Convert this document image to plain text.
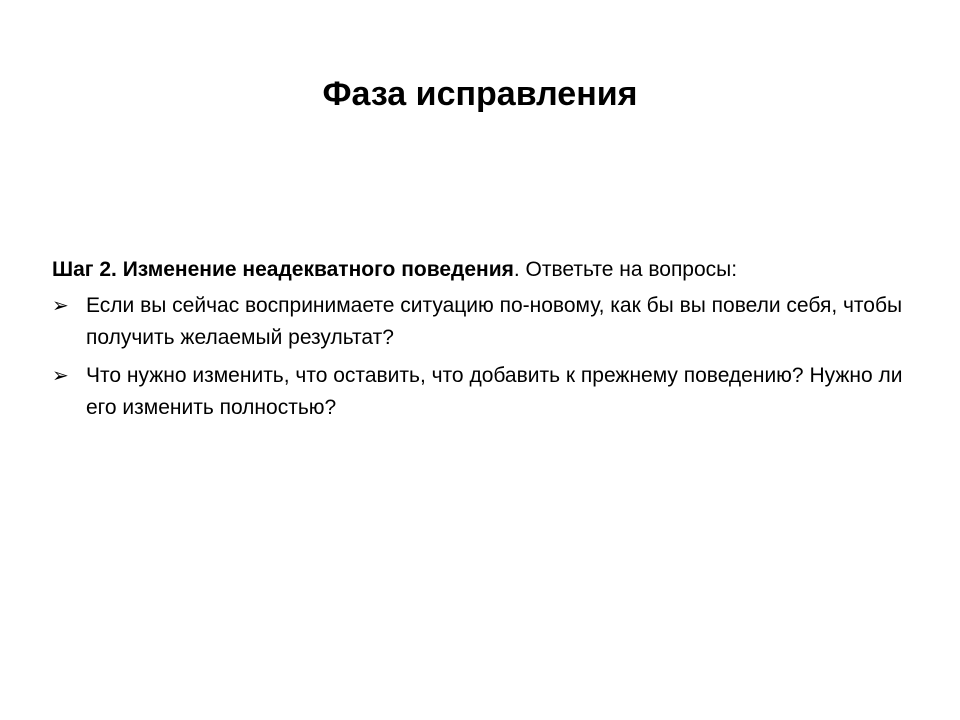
Фаза исправления

Шаг 2. Изменение неадекватного поведения. Ответьте на вопросы:

➢ Если вы сейчас воспринимаете ситуацию по-новому, как бы вы повели себя, чтобы получить желаемый результат?
➢ Что нужно изменить, что оставить, что добавить к прежнему поведению? Нужно ли его изменить полностью?
